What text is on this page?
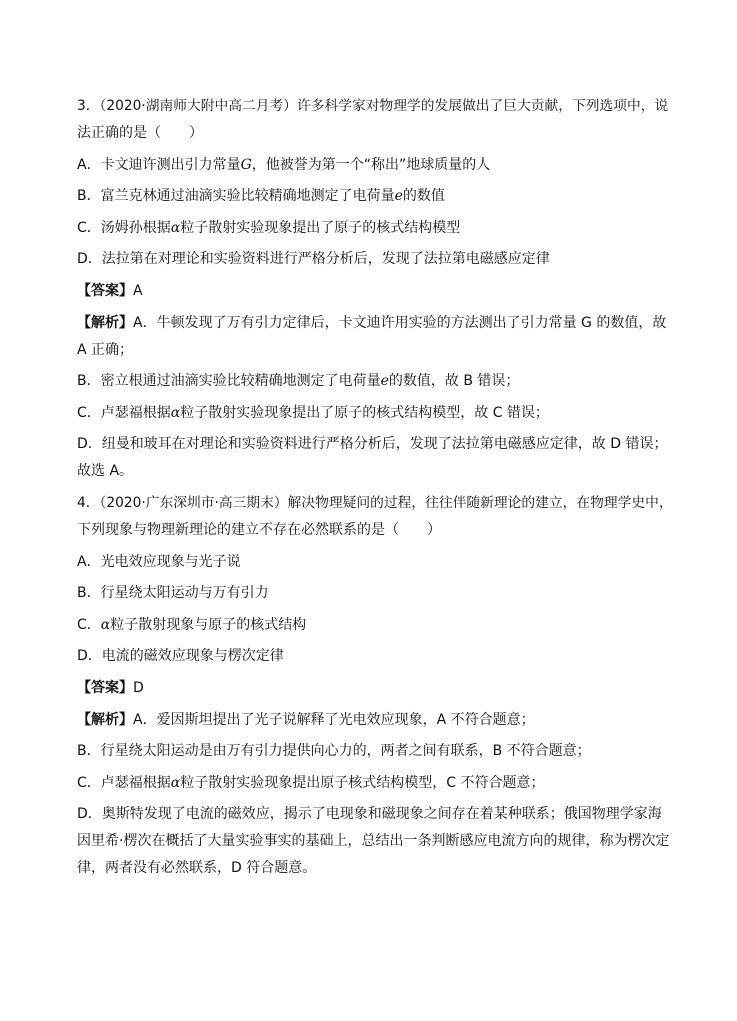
3．（2020·湖南师大附中高二月考）许多科学家对物理学的发展做出了巨大贡献，下列选项中，说
法正确的是（　　）
A．卡文迪许测出引力常量G，他被誉为第一个“称出”地球质量的人
B．富兰克林通过油滴实验比较精确地测定了电荷量e的数值
C．汤姆孙根据α粒子散射实验现象提出了原子的核式结构模型
D．法拉第在对理论和实验资料进行严格分析后，发现了法拉第电磁感应定律
【答案】A
【解析】A．牛顿发现了万有引力定律后，卡文迪许用实验的方法测出了引力常量 G 的数值，故
A 正确；
B．密立根通过油滴实验比较精确地测定了电荷量e的数值，故 B 错误；
C．卢瑟福根据α粒子散射实验现象提出了原子的核式结构模型，故 C 错误；
D．纽曼和玻耳在对理论和实验资料进行严格分析后，发现了法拉第电磁感应定律，故 D 错误；
故选 A。
4．（2020·广东深圳市·高三期末）解决物理疑问的过程，往往伴随新理论的建立，在物理学史中，
下列现象与物理新理论的建立不存在必然联系的是（　　）
A．光电效应现象与光子说
B．行星绕太阳运动与万有引力
C．α粒子散射现象与原子的核式结构
D．电流的磁效应现象与楞次定律
【答案】D
【解析】A．爱因斯坦提出了光子说解释了光电效应现象，A 不符合题意；
B．行星绕太阳运动是由万有引力提供向心力的，两者之间有联系，B 不符合题意；
C．卢瑟福根据α粒子散射实验现象提出原子核式结构模型，C 不符合题意；
D．奥斯特发现了电流的磁效应，揭示了电现象和磁现象之间存在着某种联系；俄国物理学家海
因里希·楞次在概括了大量实验事实的基础上，总结出一条判断感应电流方向的规律，称为楞次定
律，两者没有必然联系，D 符合题意。
